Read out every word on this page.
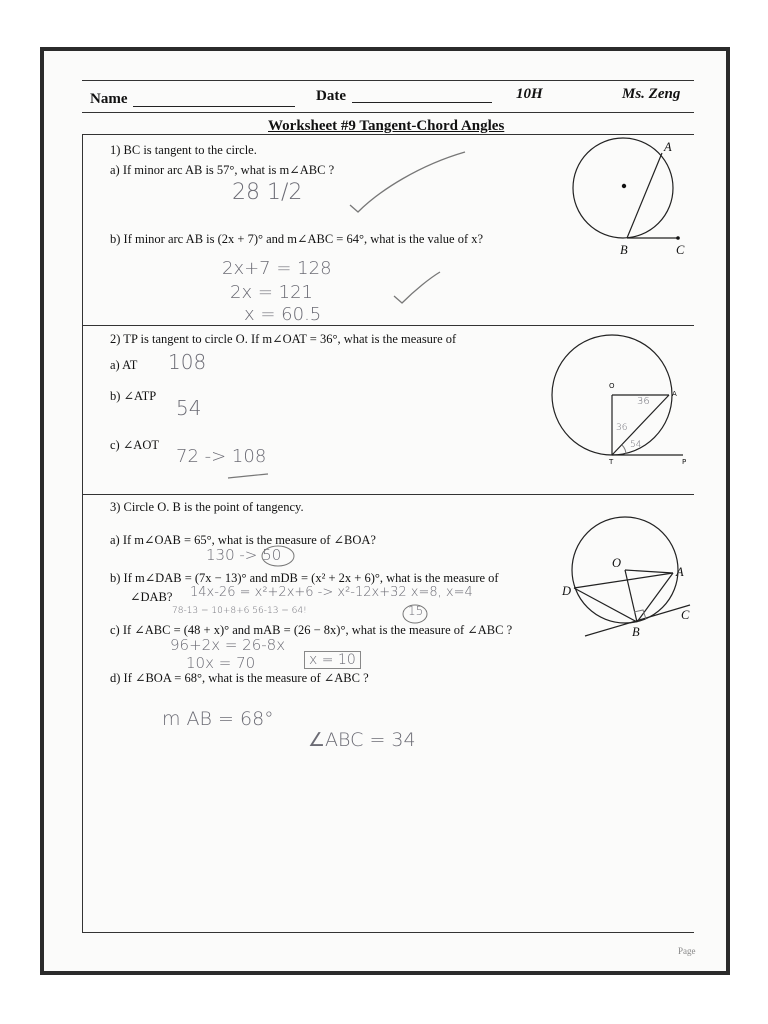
Name	Date	10H	Ms. Zeng
Worksheet #9 Tangent-Chord Angles
1) BC is tangent to the circle.
a) If minor arc AB is 57°, what is m∠ABC ?
28 1/2
b) If minor arc AB is (2x + 7)° and m∠ABC = 64°, what is the value of x?
2x+7 = 128
2x = 121
x = 60.5
A
B	C
2) TP is tangent to circle O. If m∠OAT = 36°, what is the measure of
a) AT 108
b) ∠ATP 54
c) ∠AOT
72 -> 108
O
A
T	P
36
36
54
3) Circle O. B is the point of tangency.
a) If m∠OAB = 65°, what is the measure of ∠BOA?
130 -> 50
b) If m∠DAB = (7x − 13)° and mDB = (x² + 2x + 6)°, what is the measure of
∠DAB? 14x-26 = x²+2x+6 -> x²-12x+32 x=8, x=4
78-13 = 10+8+6 56-13 = 64!	15
c) If ∠ABC = (48 + x)° and mAB = (26 − 8x)°, what is the measure of ∠ABC ?
96+2x = 26-8x
10x = 70	x = 10
d) If ∠BOA = 68°, what is the measure of ∠ABC ?
m AB = 68°
∠ABC = 34
O
A
D
B
C
Page
